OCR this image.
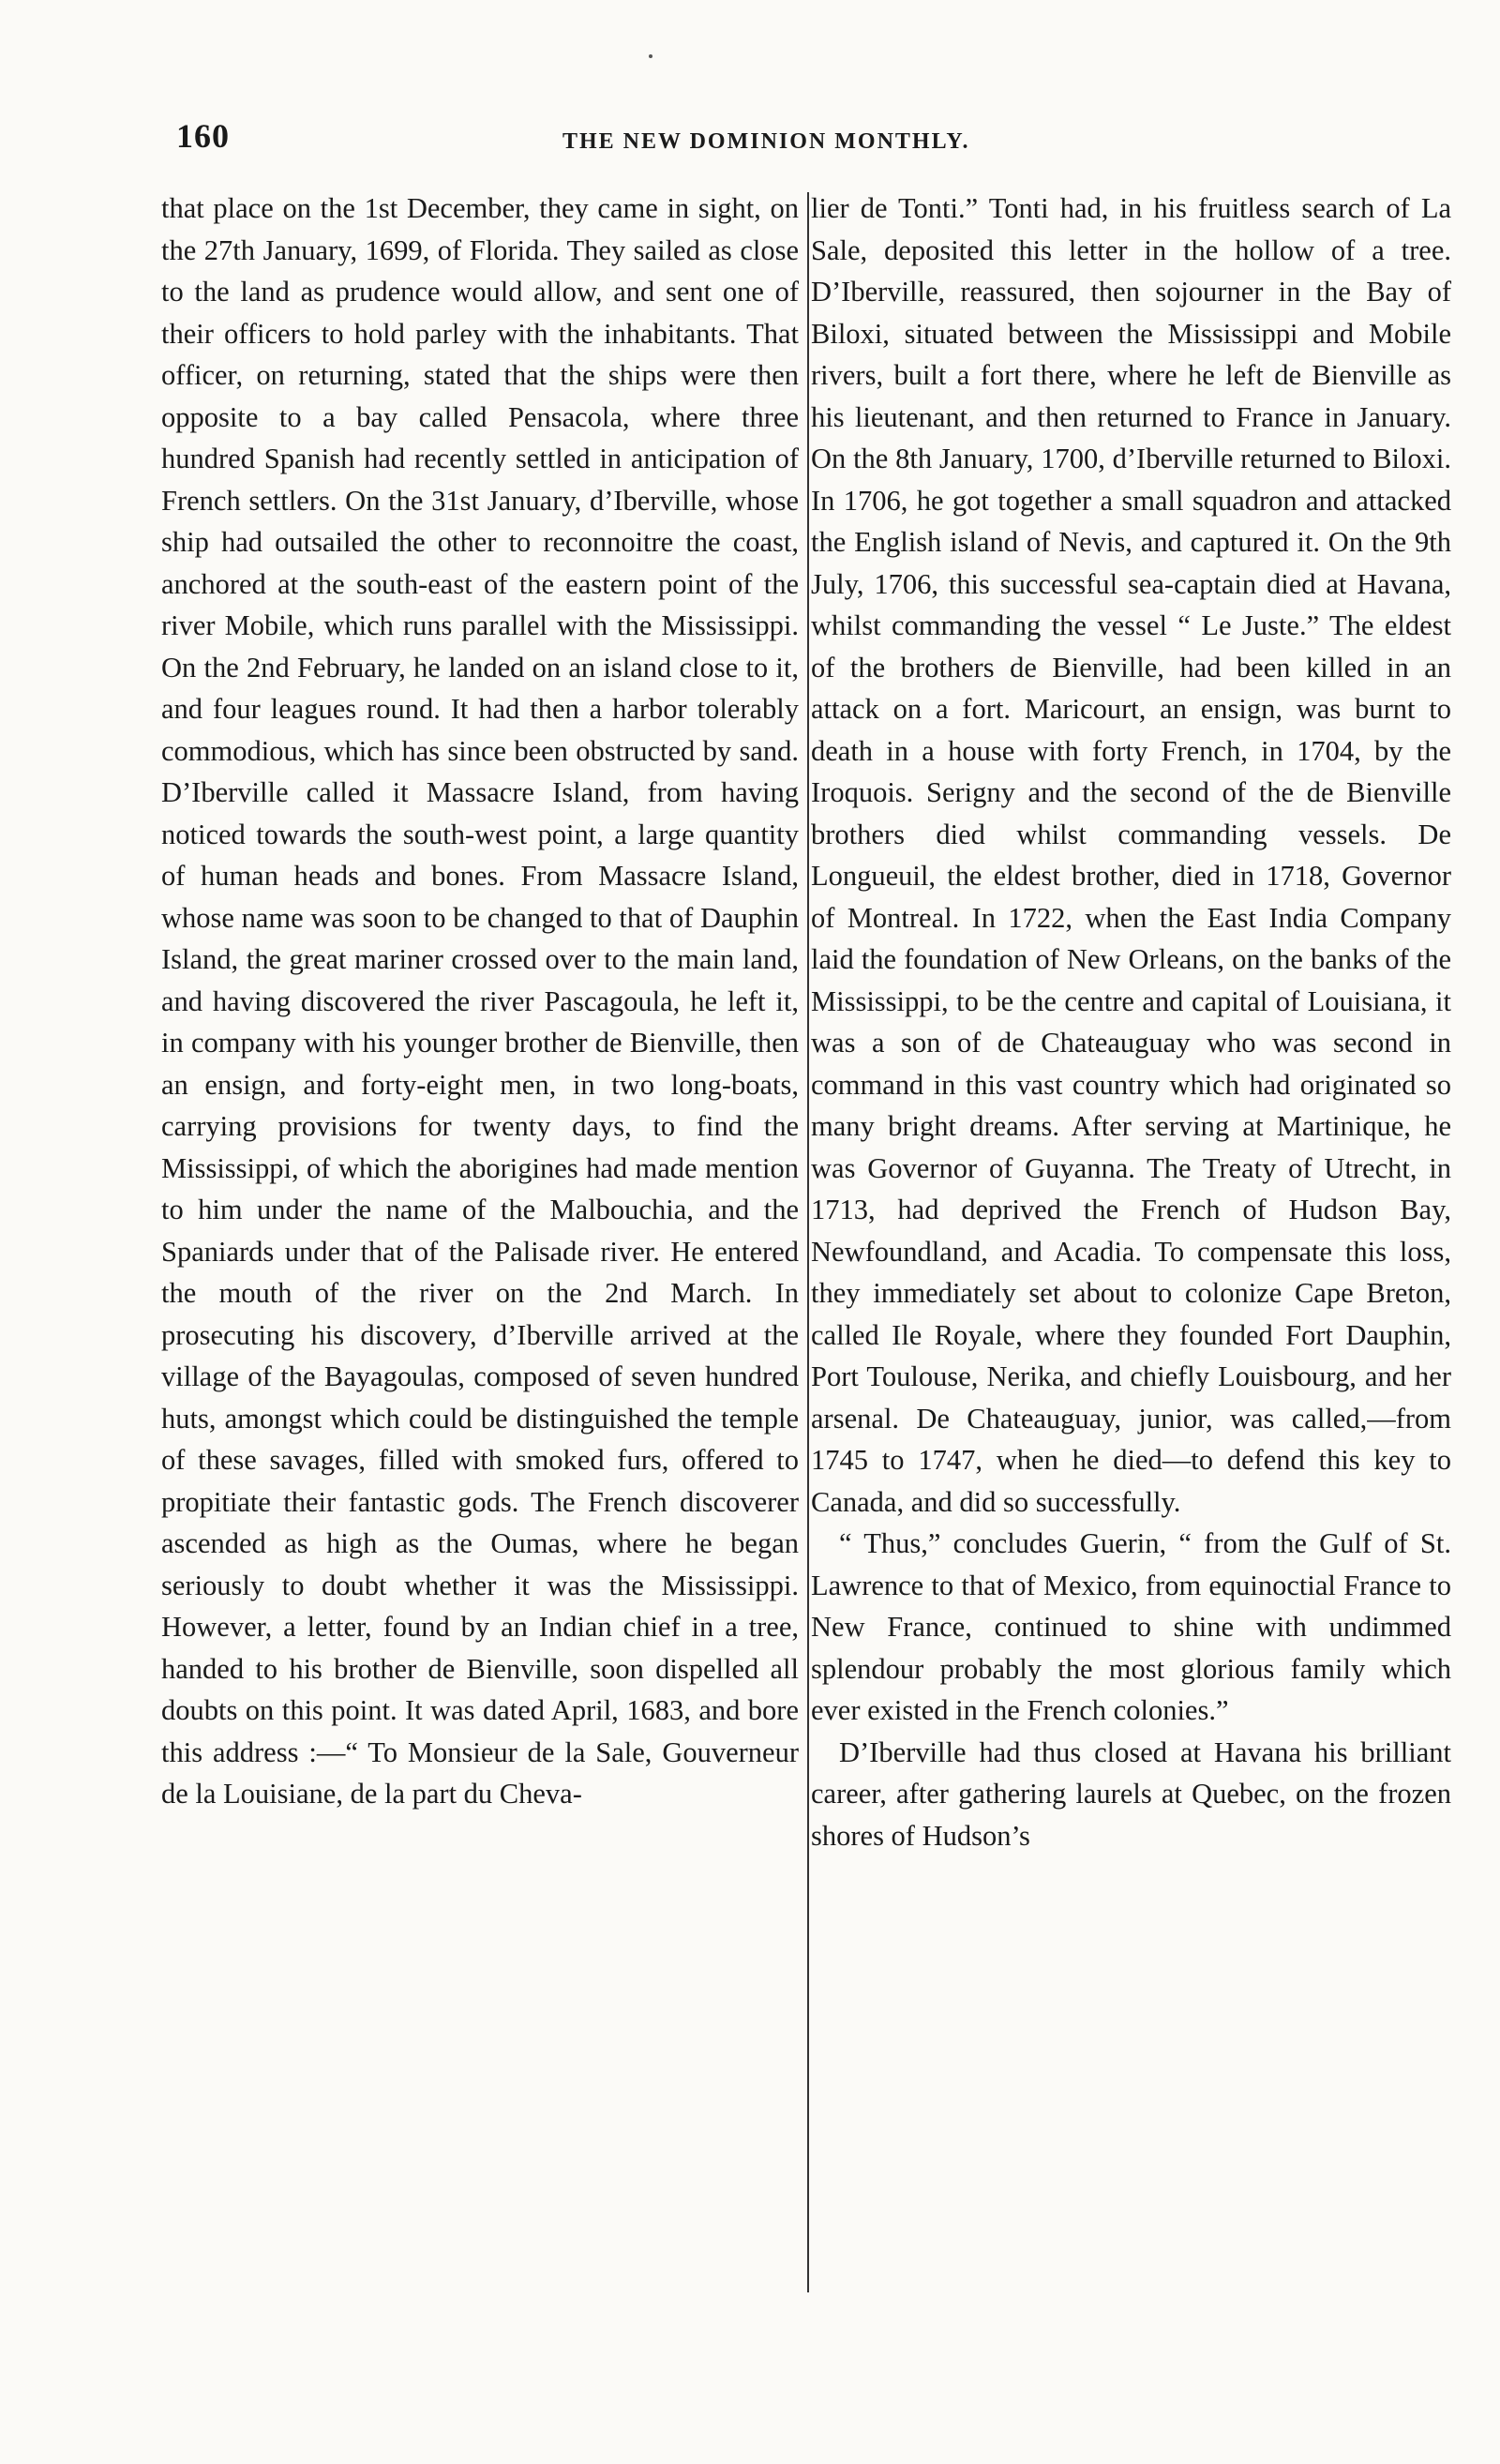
160	THE NEW DOMINION MONTHLY.

that place on the 1st December, they came in sight, on the 27th January, 1699, of Florida. They sailed as close to the land as prudence would allow, and sent one of their officers to hold parley with the inhabitants. That officer, on returning, stated that the ships were then opposite to a bay called Pensacola, where three hundred Spanish had recently settled in anticipation of French settlers. On the 31st January, d’Iberville, whose ship had outsailed the other to reconnoitre the coast, anchored at the south-east of the eastern point of the river Mobile, which runs parallel with the Mississippi. On the 2nd February, he landed on an island close to it, and four leagues round. It had then a harbor tolerably commodious, which has since been obstructed by sand. D’Iberville called it Massacre Island, from having noticed towards the south-west point, a large quantity of human heads and bones. From Massacre Island, whose name was soon to be changed to that of Dauphin Island, the great mariner crossed over to the main land, and having discovered the river Pascagoula, he left it, in company with his younger brother de Bienville, then an ensign, and forty-eight men, in two long-boats, carrying provisions for twenty days, to find the Mississippi, of which the aborigines had made mention to him under the name of the Malbouchia, and the Spaniards under that of the Palisade river. He entered the mouth of the river on the 2nd March. In prosecuting his discovery, d’Iberville arrived at the village of the Bayagoulas, composed of seven hundred huts, amongst which could be distinguished the temple of these savages, filled with smoked furs, offered to propitiate their fantastic gods. The French discoverer ascended as high as the Oumas, where he began seriously to doubt whether it was the Mississippi. However, a letter, found by an Indian chief in a tree, handed to his brother de Bienville, soon dispelled all doubts on this point. It was dated April, 1683, and bore this address :—“ To Monsieur de la Sale, Gouverneur de la Louisiane, de la part du Cheva-

lier de Tonti.” Tonti had, in his fruitless search of La Sale, deposited this letter in the hollow of a tree. D’Iberville, reassured, then sojourner in the Bay of Biloxi, situated between the Mississippi and Mobile rivers, built a fort there, where he left de Bienville as his lieutenant, and then returned to France in January. On the 8th January, 1700, d’Iberville returned to Biloxi. In 1706, he got together a small squadron and attacked the English island of Nevis, and captured it. On the 9th July, 1706, this successful sea-captain died at Havana, whilst commanding the vessel “ Le Juste.” The eldest of the brothers de Bienville, had been killed in an attack on a fort. Maricourt, an ensign, was burnt to death in a house with forty French, in 1704, by the Iroquois. Serigny and the second of the de Bienville brothers died whilst commanding vessels. De Longueuil, the eldest brother, died in 1718, Governor of Montreal. In 1722, when the East India Company laid the foundation of New Orleans, on the banks of the Mississippi, to be the centre and capital of Louisiana, it was a son of de Chateauguay who was second in command in this vast country which had originated so many bright dreams. After serving at Martinique, he was Governor of Guyanna. The Treaty of Utrecht, in 1713, had deprived the French of Hudson Bay, Newfoundland, and Acadia. To compensate this loss, they immediately set about to colonize Cape Breton, called Ile Royale, where they founded Fort Dauphin, Port Toulouse, Nerika, and chiefly Louisbourg, and her arsenal. De Chateauguay, junior, was called,—from 1745 to 1747, when he died—to defend this key to Canada, and did so successfully.

“ Thus,” concludes Guerin, “ from the Gulf of St. Lawrence to that of Mexico, from equinoctial France to New France, continued to shine with undimmed splendour probably the most glorious family which ever existed in the French colonies.”

D’Iberville had thus closed at Havana his brilliant career, after gathering laurels at Quebec, on the frozen shores of Hudson’s
